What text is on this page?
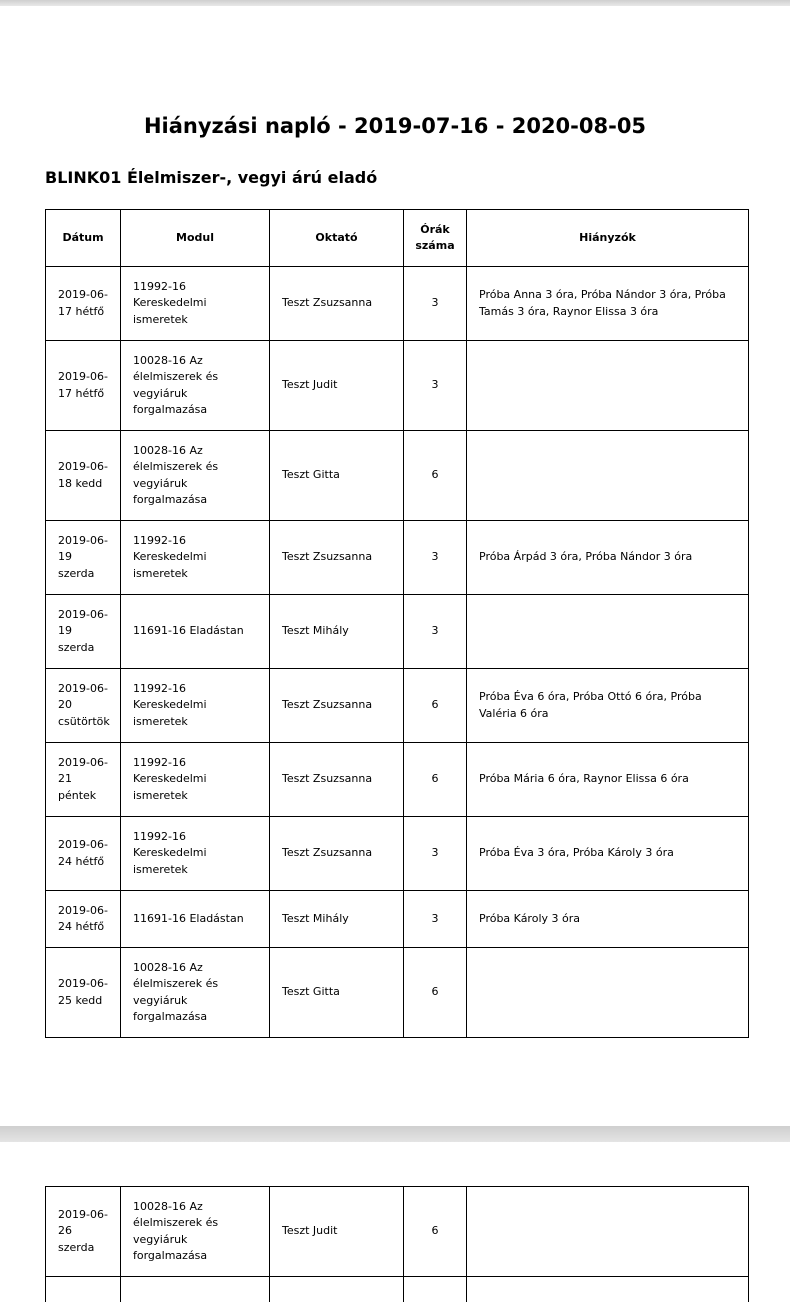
Hiányzási napló - 2019-07-16 - 2020-08-05
BLINK01 Élelmiszer-, vegyi árú eladó
Dátum	Modul	Oktató	Órák száma	Hiányzók
2019-06-17 hétfő	11992-16 Kereskedelmi ismeretek	Teszt Zsuzsanna	3	Próba Anna 3 óra, Próba Nándor 3 óra, Próba Tamás 3 óra, Raynor Elissa 3 óra
2019-06-17 hétfő	10028-16 Az élelmiszerek és vegyiáruk forgalmazása	Teszt Judit	3	
2019-06-18 kedd	10028-16 Az élelmiszerek és vegyiáruk forgalmazása	Teszt Gitta	6	
2019-06-19 szerda	11992-16 Kereskedelmi ismeretek	Teszt Zsuzsanna	3	Próba Árpád 3 óra, Próba Nándor 3 óra
2019-06-19 szerda	11691-16 Eladástan	Teszt Mihály	3	
2019-06-20 csütörtök	11992-16 Kereskedelmi ismeretek	Teszt Zsuzsanna	6	Próba Éva 6 óra, Próba Ottó 6 óra, Próba Valéria 6 óra
2019-06-21 péntek	11992-16 Kereskedelmi ismeretek	Teszt Zsuzsanna	6	Próba Mária 6 óra, Raynor Elissa 6 óra
2019-06-24 hétfő	11992-16 Kereskedelmi ismeretek	Teszt Zsuzsanna	3	Próba Éva 3 óra, Próba Károly 3 óra
2019-06-24 hétfő	11691-16 Eladástan	Teszt Mihály	3	Próba Károly 3 óra
2019-06-25 kedd	10028-16 Az élelmiszerek és vegyiáruk forgalmazása	Teszt Gitta	6	
2019-06-26 szerda	10028-16 Az élelmiszerek és vegyiáruk forgalmazása	Teszt Judit	6	
